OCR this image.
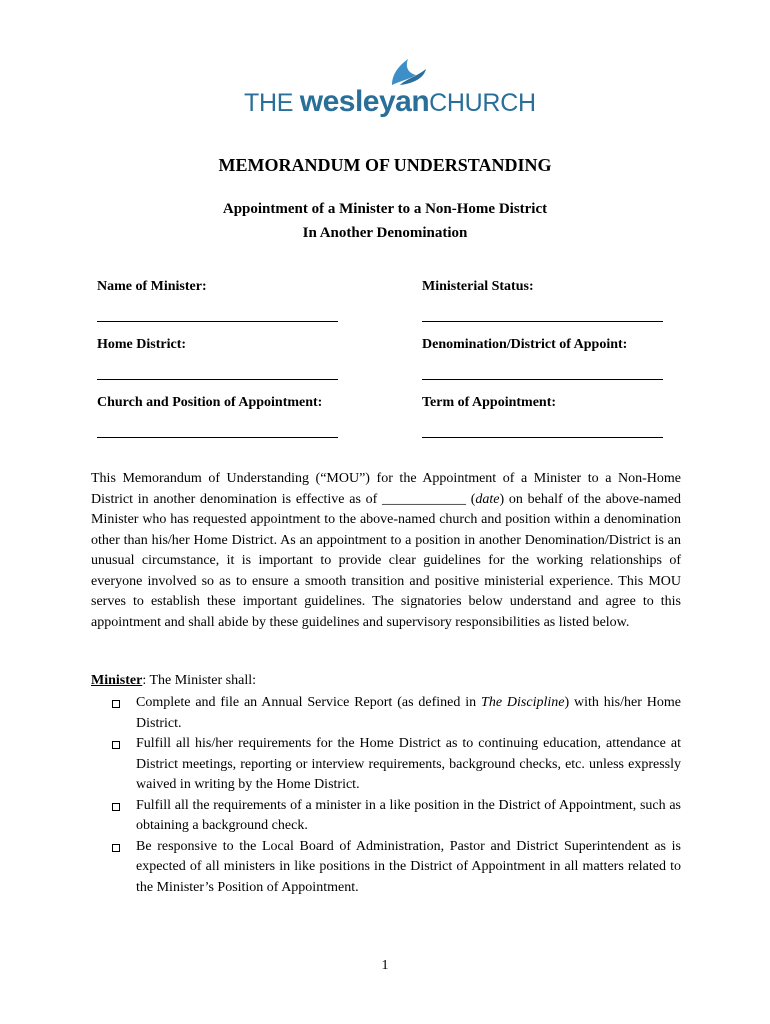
THE wesleyanCHURCH
MEMORANDUM OF UNDERSTANDING
Appointment of a Minister to a Non-Home District
In Another Denomination
Name of Minister:	Ministerial Status:
Home District:	Denomination/District of Appoint:
Church and Position of Appointment:	Term of Appointment:
This Memorandum of Understanding (“MOU”) for the Appointment of a Minister to a Non-Home District in another denomination is effective as of ____________ (date) on behalf of the above-named Minister who has requested appointment to the above-named church and position within a denomination other than his/her Home District. As an appointment to a position in another Denomination/District is an unusual circumstance, it is important to provide clear guidelines for the working relationships of everyone involved so as to ensure a smooth transition and positive ministerial experience. This MOU serves to establish these important guidelines. The signatories below understand and agree to this appointment and shall abide by these guidelines and supervisory responsibilities as listed below.
Minister: The Minister shall:
Complete and file an Annual Service Report (as defined in The Discipline) with his/her Home District.
Fulfill all his/her requirements for the Home District as to continuing education, attendance at District meetings, reporting or interview requirements, background checks, etc. unless expressly waived in writing by the Home District.
Fulfill all the requirements of a minister in a like position in the District of Appointment, such as obtaining a background check.
Be responsive to the Local Board of Administration, Pastor and District Superintendent as is expected of all ministers in like positions in the District of Appointment in all matters related to the Minister’s Position of Appointment.
1
